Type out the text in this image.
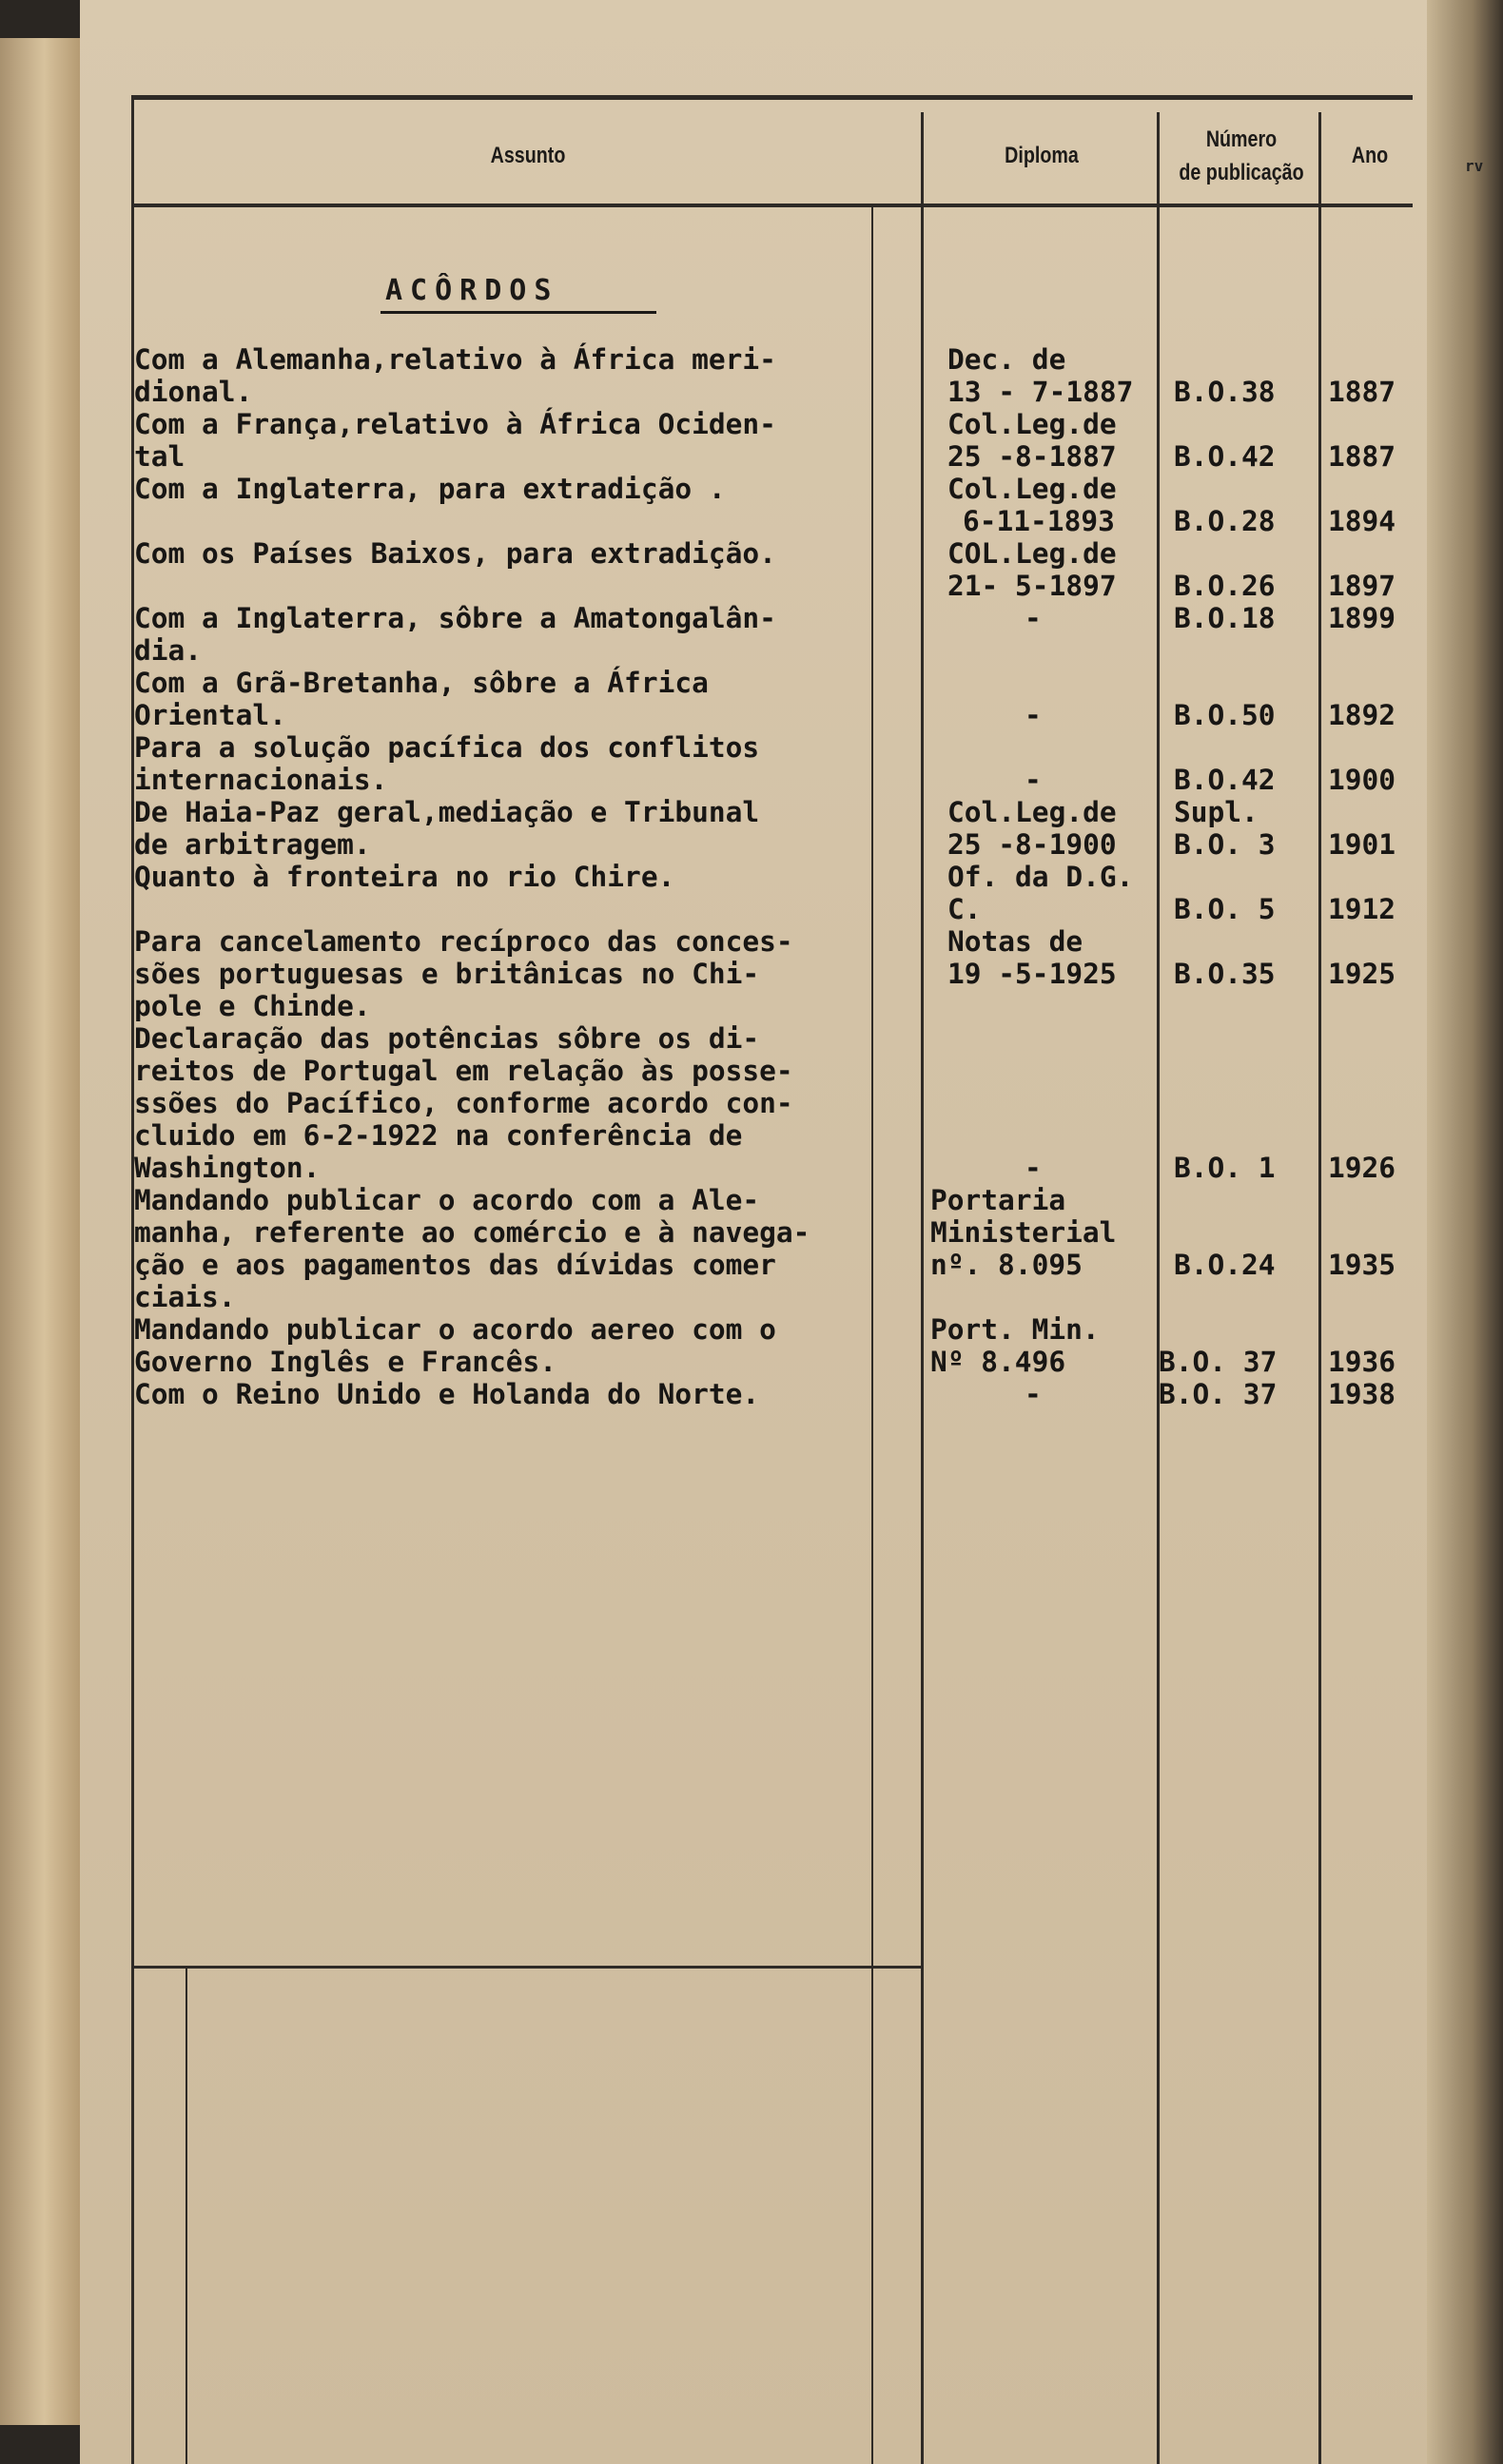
rv
Assunto	Diploma
Número
de publicação
Ano
ACÔRDOS
Com a Alemanha,relativo à África meri-
dional.
Com a França,relativo à África Ociden-
tal
Com a Inglaterra, para extradição .
Com os Países Baixos, para extradição.
Com a Inglaterra, sôbre a Amatongalân-
dia.
Com a Grã-Bretanha, sôbre a África
Oriental.
Para a solução pacífica dos conflitos
internacionais.
De Haia-Paz geral,mediação e Tribunal
de arbitragem.
Quanto à fronteira no rio Chire.
Para cancelamento recíproco das conces-
sões portuguesas e britânicas no Chi-
pole e Chinde.
Declaração das potências sôbre os di-
reitos de Portugal em relação às posse-
ssões do Pacífico, conforme acordo con-
cluido em 6-2-1922 na conferência de
Washington.
Mandando publicar o acordo com a Ale-
manha, referente ao comércio e à navega-
ção e aos pagamentos das dívidas comer
ciais.
Mandando publicar o acordo aereo com o
Governo Inglês e Francês.
Com o Reino Unido e Holanda do Norte.
Dec. de
13 - 7-1887
Col.Leg.de
25 -8-1887
Col.Leg.de
6-11-1893
COL.Leg.de
21- 5-1897
-
-
-
Col.Leg.de
25 -8-1900
Of. da D.G.
C.
Notas de
19 -5-1925
-
Portaria
Ministerial
nº. 8.095
Port. Min.
Nº 8.496
-
B.O.38
B.O.42
B.O.28
B.O.26
B.O.18
B.O.50
B.O.42
Supl.
B.O. 3
B.O. 5
B.O.35
B.O. 1
B.O.24
B.O. 37
B.O. 37
1887
1887
1894
1897
1899
1892
1900
1901
1912
1925
1926
1935
1936
1938
